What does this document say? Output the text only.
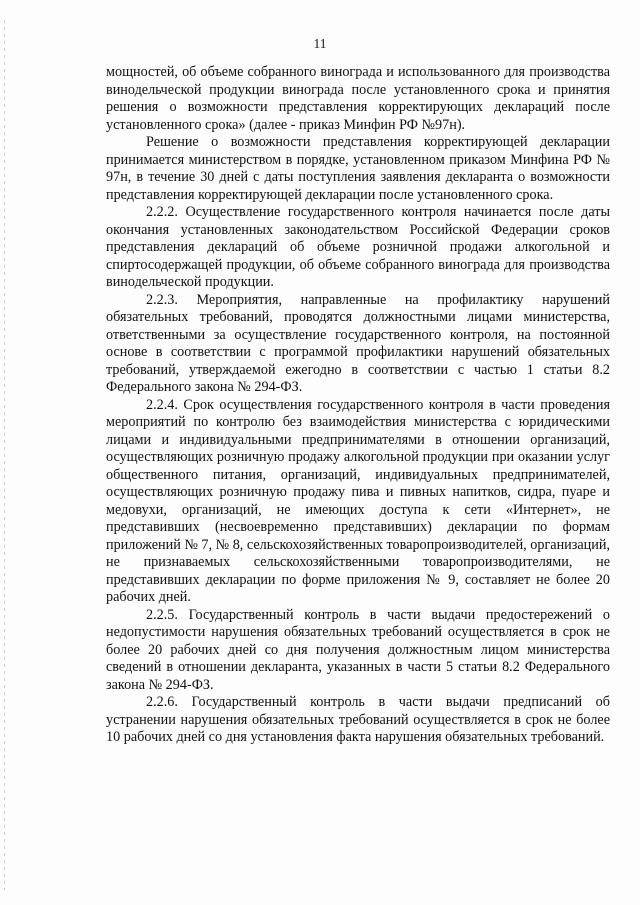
11

мощностей, об объеме собранного винограда и использованного для производства винодельческой продукции винограда после установленного срока и принятия решения о возможности представления корректирующих деклараций после установленного срока» (далее - приказ Минфин РФ №97н).

Решение о возможности представления корректирующей декларации принимается министерством в порядке, установленном приказом Минфина РФ № 97н, в течение 30 дней с даты поступления заявления декларанта о возможности представления корректирующей декларации после установленного срока.

2.2.2. Осуществление государственного контроля начинается после даты окончания установленных законодательством Российской Федерации сроков представления деклараций об объеме розничной продажи алкогольной и спиртосодержащей продукции, об объеме собранного винограда для производства винодельческой продукции.

2.2.3. Мероприятия, направленные на профилактику нарушений обязательных требований, проводятся должностными лицами министерства, ответственными за осуществление государственного контроля, на постоянной основе в соответствии с программой профилактики нарушений обязательных требований, утверждаемой ежегодно в соответствии с частью 1 статьи 8.2 Федерального закона № 294-ФЗ.

2.2.4. Срок осуществления государственного контроля в части проведения мероприятий по контролю без взаимодействия министерства с юридическими лицами и индивидуальными предпринимателями в отношении организаций, осуществляющих розничную продажу алкогольной продукции при оказании услуг общественного питания, организаций, индивидуальных предпринимателей, осуществляющих розничную продажу пива и пивных напитков, сидра, пуаре и медовухи, организаций, не имеющих доступа к сети «Интернет», не представивших (несвоевременно представивших) декларации по формам приложений № 7, № 8, сельскохозяйственных товаропроизводителей, организаций, не признаваемых сельскохозяйственными товаропроизводителями, не представивших декларации по форме приложения № 9, составляет не более 20 рабочих дней.

2.2.5. Государственный контроль в части выдачи предостережений о недопустимости нарушения обязательных требований осуществляется в срок не более 20 рабочих дней со дня получения должностным лицом министерства сведений в отношении декларанта, указанных в части 5 статьи 8.2 Федерального закона № 294-ФЗ.

2.2.6. Государственный контроль в части выдачи предписаний об устранении нарушения обязательных требований осуществляется в срок не более 10 рабочих дней со дня установления факта нарушения обязательных требований.
